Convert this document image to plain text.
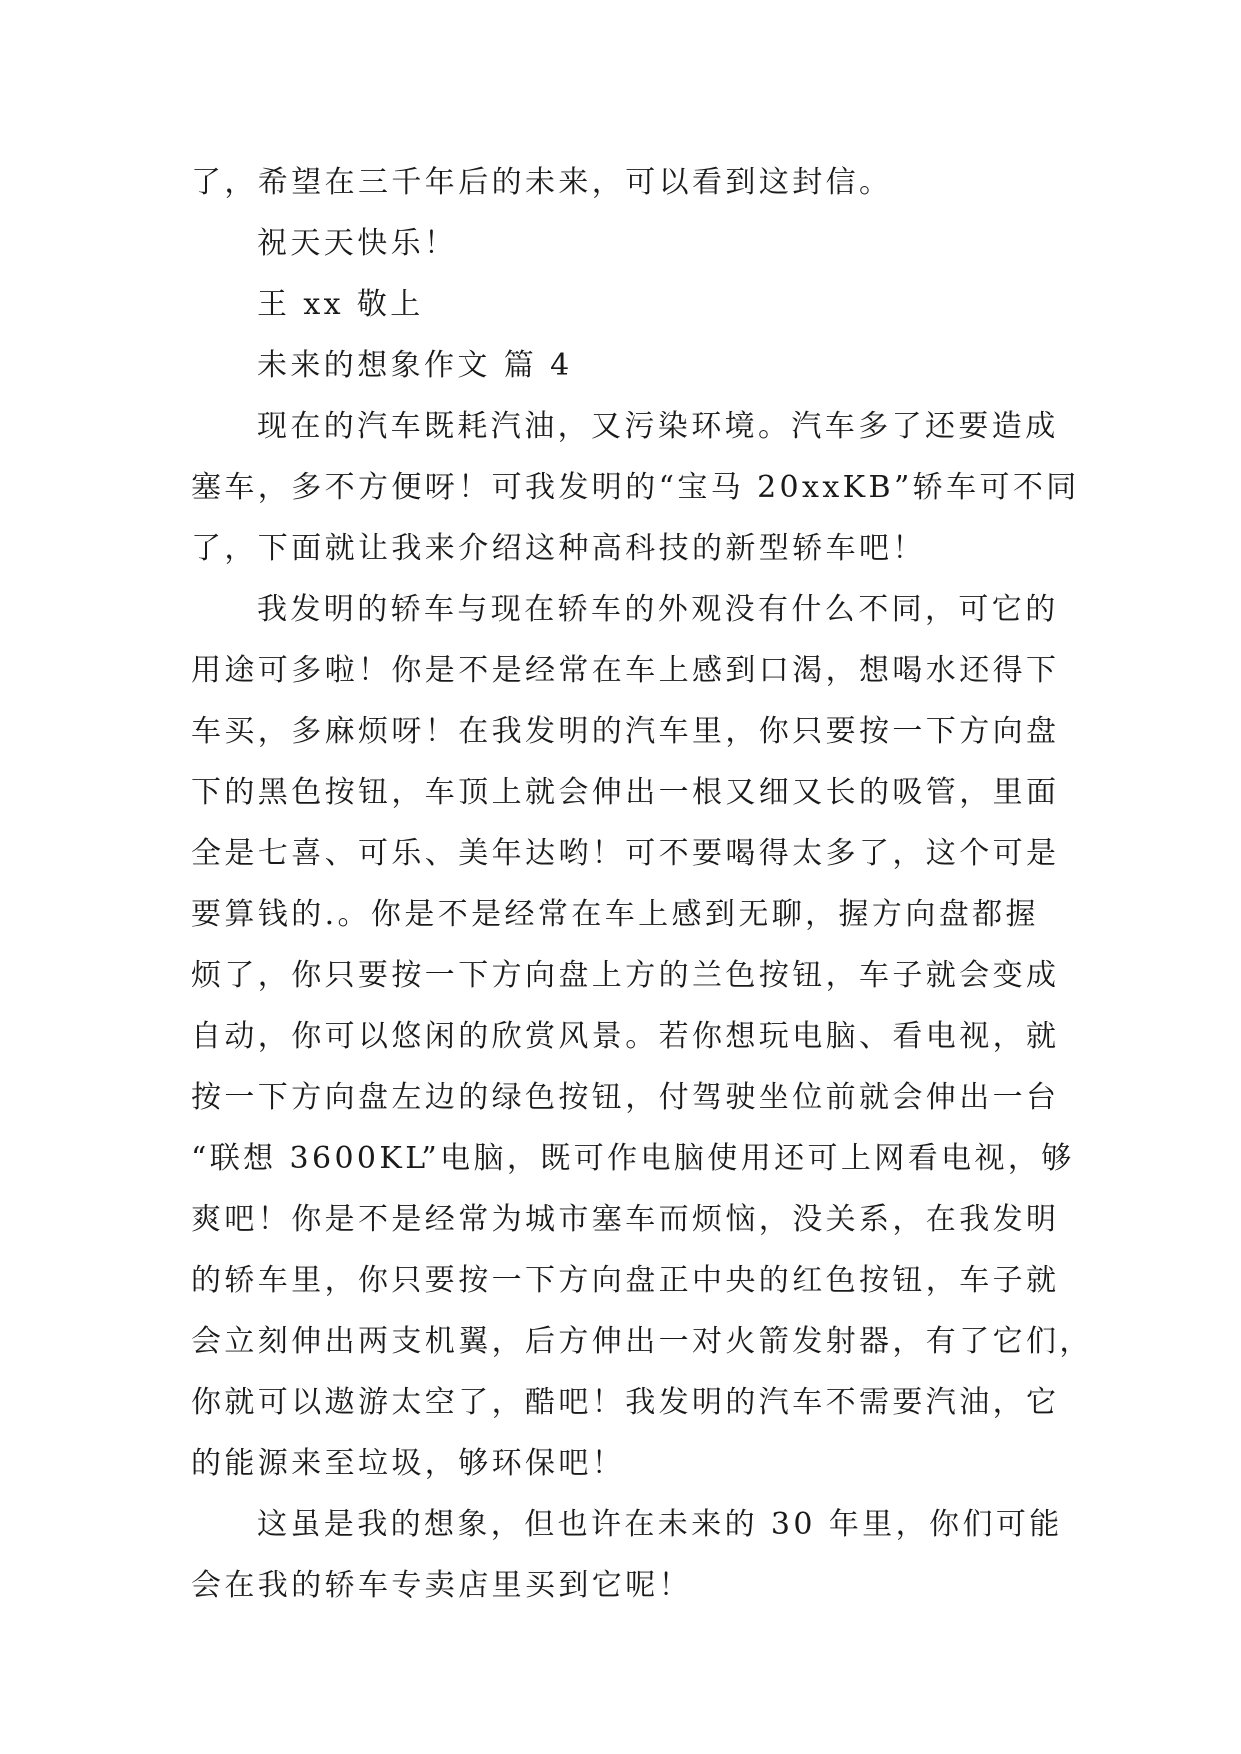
了，希望在三千年后的未来，可以看到这封信。
祝天天快乐！
王 xx 敬上
未来的想象作文 篇 4
现在的汽车既耗汽油，又污染环境。汽车多了还要造成
塞车，多不方便呀！可我发明的“宝马 20xxKB”轿车可不同
了，下面就让我来介绍这种高科技的新型轿车吧！
我发明的轿车与现在轿车的外观没有什么不同，可它的
用途可多啦！你是不是经常在车上感到口渴，想喝水还得下
车买，多麻烦呀！在我发明的汽车里，你只要按一下方向盘
下的黑色按钮，车顶上就会伸出一根又细又长的吸管，里面
全是七喜、可乐、美年达哟！可不要喝得太多了，这个可是
要算钱的.。你是不是经常在车上感到无聊，握方向盘都握
烦了，你只要按一下方向盘上方的兰色按钮，车子就会变成
自动，你可以悠闲的欣赏风景。若你想玩电脑、看电视，就
按一下方向盘左边的绿色按钮，付驾驶坐位前就会伸出一台
“联想 3600KL”电脑，既可作电脑使用还可上网看电视，够
爽吧！你是不是经常为城市塞车而烦恼，没关系，在我发明
的轿车里，你只要按一下方向盘正中央的红色按钮，车子就
会立刻伸出两支机翼，后方伸出一对火箭发射器，有了它们，
你就可以遨游太空了，酷吧！我发明的汽车不需要汽油，它
的能源来至垃圾，够环保吧！
这虽是我的想象，但也许在未来的 30 年里，你们可能
会在我的轿车专卖店里买到它呢！
